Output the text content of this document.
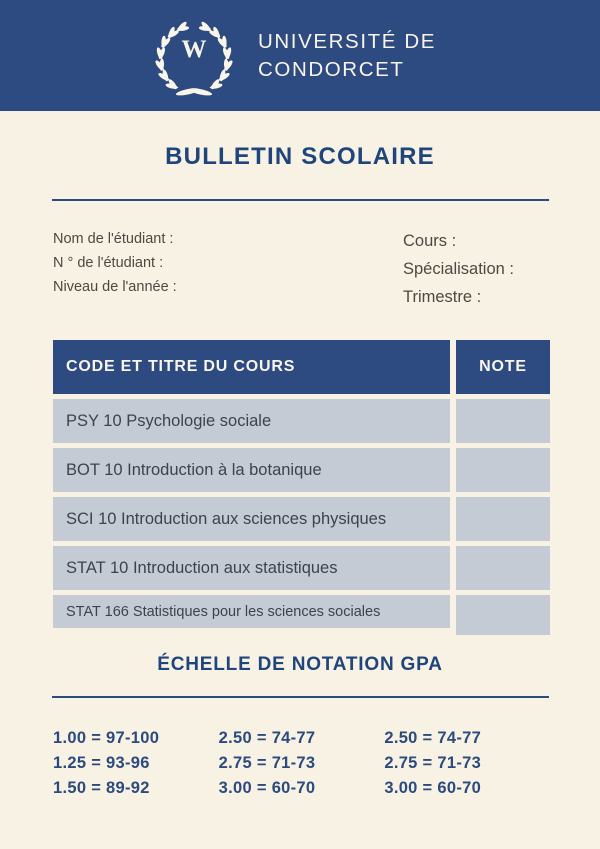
W	UNIVERSITÉ DE
CONDORCET
BULLETIN SCOLAIRE
Nom de l'étudiant :
N ° de l'étudiant :
Niveau de l'année :
Cours :
Spécialisation :
Trimestre :
CODE ET TITRE DU COURS	NOTE
PSY 10 Psychologie sociale
BOT 10 Introduction à la botanique
SCI 10 Introduction aux sciences physiques
STAT 10 Introduction aux statistiques
STAT 166 Statistiques pour les sciences sociales
ÉCHELLE DE NOTATION GPA
1.00 = 97-100
1.25 = 93-96
1.50 = 89-92
2.50 = 74-77
2.75 = 71-73
3.00 = 60-70
2.50 = 74-77
2.75 = 71-73
3.00 = 60-70
